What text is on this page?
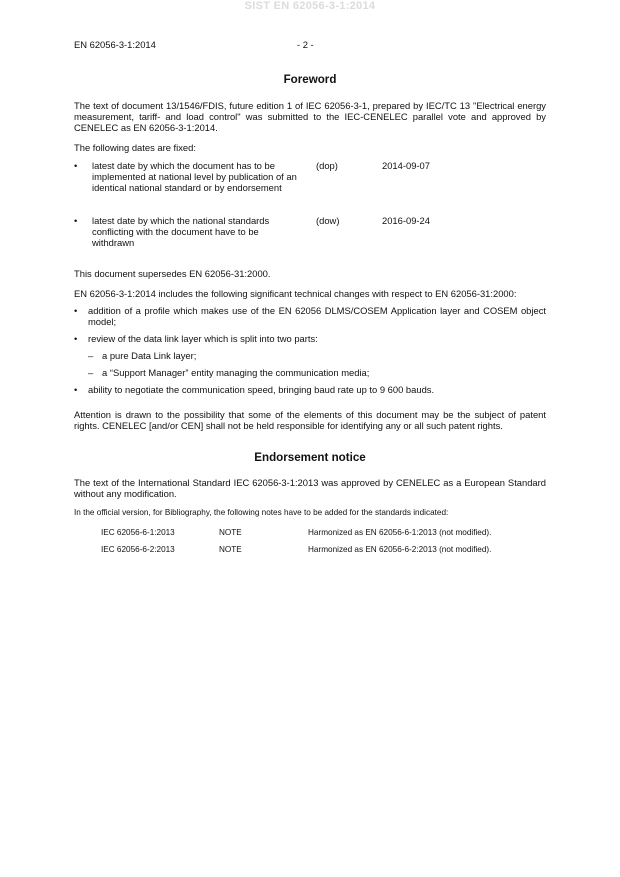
SIST EN 62056-3-1:2014
EN 62056-3-1:2014	- 2 -
Foreword

The text of document 13/1546/FDIS, future edition 1 of IEC 62056-3-1, prepared by IEC/TC 13 "Electrical energy measurement, tariff- and load control" was submitted to the IEC-CENELEC parallel vote and approved by CENELEC as EN 62056-3-1:2014.

The following dates are fixed:

• latest date by which the document has to be implemented at national level by publication of an identical national standard or by endorsement
(dop)	2014-09-07
• latest date by which the national standards conflicting with the document have to be withdrawn
(dow)	2016-09-24

This document supersedes EN 62056-31:2000.

EN 62056-3-1:2014 includes the following significant technical changes with respect to EN 62056-31:2000:

• addition of a profile which makes use of the EN 62056 DLMS/COSEM Application layer and COSEM object model;
• review of the data link layer which is split into two parts:
– a pure Data Link layer;
– a “Support Manager” entity managing the communication media;
• ability to negotiate the communication speed, bringing baud rate up to 9 600 bauds.

Attention is drawn to the possibility that some of the elements of this document may be the subject of patent rights. CENELEC [and/or CEN] shall not be held responsible for identifying any or all such patent rights.

Endorsement notice

The text of the International Standard IEC 62056-3-1:2013 was approved by CENELEC as a European Standard without any modification.

In the official version, for Bibliography, the following notes have to be added for the standards indicated:

IEC 62056-6-1:2013	NOTE	Harmonized as EN 62056-6-1:2013 (not modified).
IEC 62056-6-2:2013	NOTE	Harmonized as EN 62056-6-2:2013 (not modified).
